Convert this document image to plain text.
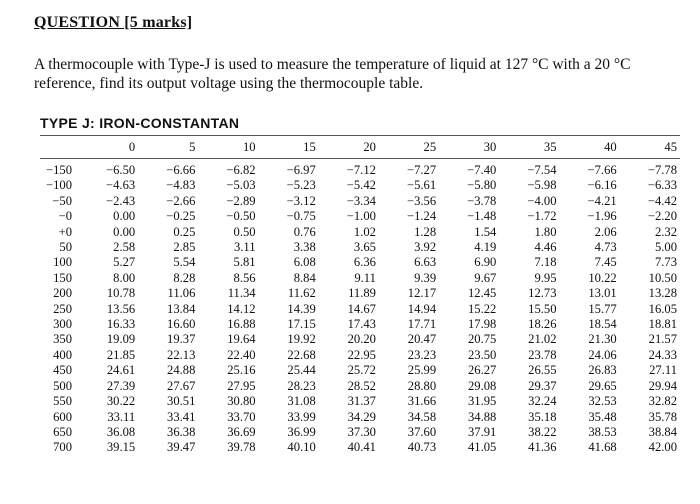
QUESTION [5 marks]
A thermocouple with Type-J is used to measure the temperature of liquid at 127 °C with a 20 °C reference, find its output voltage using the thermocouple table.
TYPE J: IRON-CONSTANTAN
	0	5	10	15	20	25	30	35	40	45
−150	−6.50	−6.66	−6.82	−6.97	−7.12	−7.27	−7.40	−7.54	−7.66	−7.78
−100	−4.63	−4.83	−5.03	−5.23	−5.42	−5.61	−5.80	−5.98	−6.16	−6.33
−50	−2.43	−2.66	−2.89	−3.12	−3.34	−3.56	−3.78	−4.00	−4.21	−4.42
−0	0.00	−0.25	−0.50	−0.75	−1.00	−1.24	−1.48	−1.72	−1.96	−2.20
+0	0.00	0.25	0.50	0.76	1.02	1.28	1.54	1.80	2.06	2.32
50	2.58	2.85	3.11	3.38	3.65	3.92	4.19	4.46	4.73	5.00
100	5.27	5.54	5.81	6.08	6.36	6.63	6.90	7.18	7.45	7.73
150	8.00	8.28	8.56	8.84	9.11	9.39	9.67	9.95	10.22	10.50
200	10.78	11.06	11.34	11.62	11.89	12.17	12.45	12.73	13.01	13.28
250	13.56	13.84	14.12	14.39	14.67	14.94	15.22	15.50	15.77	16.05
300	16.33	16.60	16.88	17.15	17.43	17.71	17.98	18.26	18.54	18.81
350	19.09	19.37	19.64	19.92	20.20	20.47	20.75	21.02	21.30	21.57
400	21.85	22.13	22.40	22.68	22.95	23.23	23.50	23.78	24.06	24.33
450	24.61	24.88	25.16	25.44	25.72	25.99	26.27	26.55	26.83	27.11
500	27.39	27.67	27.95	28.23	28.52	28.80	29.08	29.37	29.65	29.94
550	30.22	30.51	30.80	31.08	31.37	31.66	31.95	32.24	32.53	32.82
600	33.11	33.41	33.70	33.99	34.29	34.58	34.88	35.18	35.48	35.78
650	36.08	36.38	36.69	36.99	37.30	37.60	37.91	38.22	38.53	38.84
700	39.15	39.47	39.78	40.10	40.41	40.73	41.05	41.36	41.68	42.00
